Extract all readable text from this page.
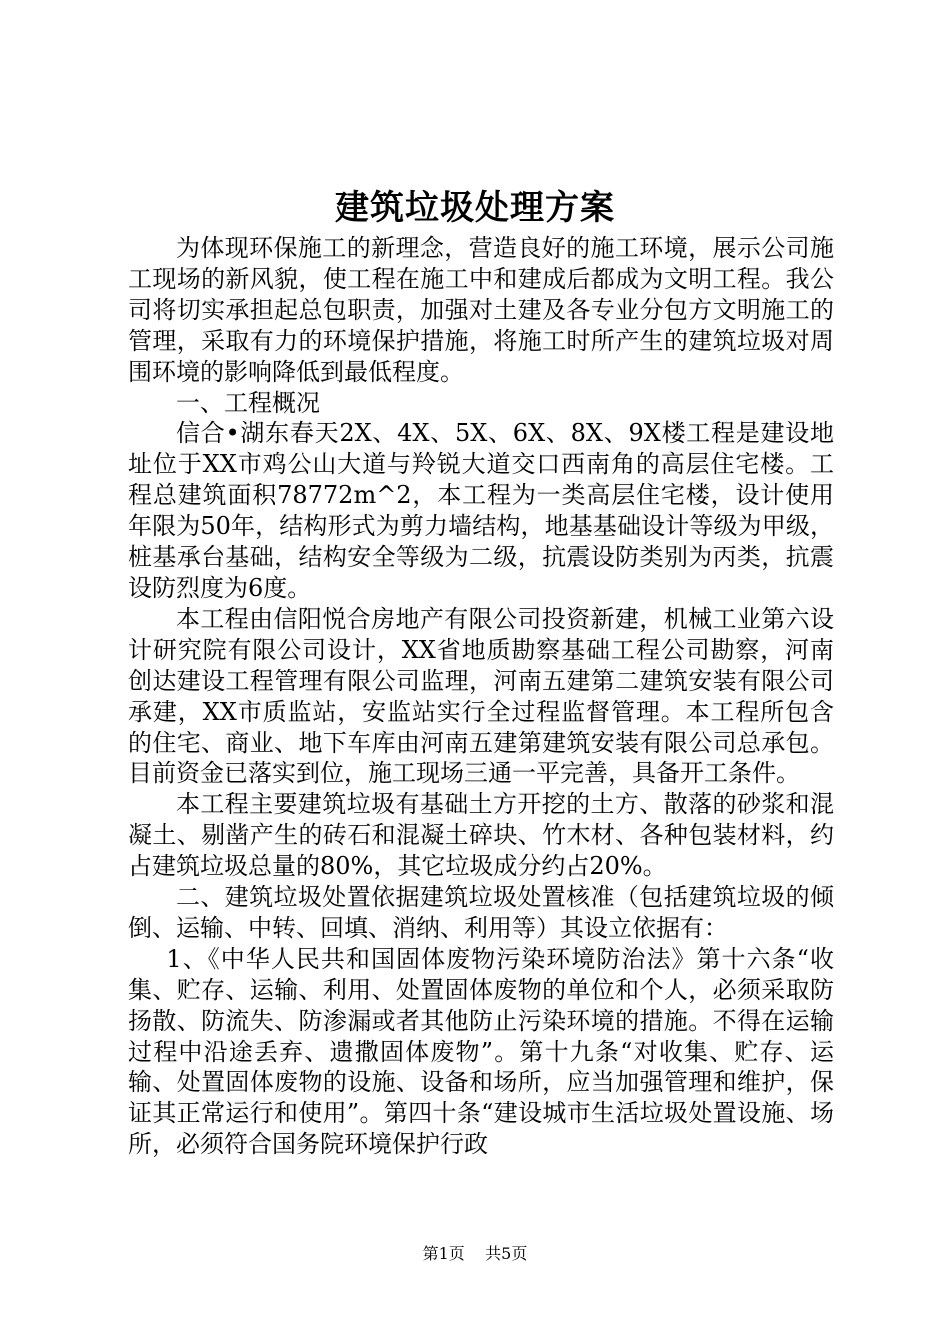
建筑垃圾处理方案

为体现环保施工的新理念，营造良好的施工环境，展示公司施工现场的新风貌，使工程在施工中和建成后都成为文明工程。我公司将切实承担起总包职责，加强对土建及各专业分包方文明施工的管理，采取有力的环境保护措施，将施工时所产生的建筑垃圾对周围环境的影响降低到最低程度。

一、工程概况

信合•湖东春天2X、4X、5X、6X、8X、9X楼工程是建设地址位于XX市鸡公山大道与羚锐大道交口西南角的高层住宅楼。工程总建筑面积78772m^2，本工程为一类高层住宅楼，设计使用年限为50年，结构形式为剪力墙结构，地基基础设计等级为甲级，桩基承台基础，结构安全等级为二级，抗震设防类别为丙类，抗震设防烈度为6度。

本工程由信阳悦合房地产有限公司投资新建，机械工业第六设计研究院有限公司设计，XX省地质勘察基础工程公司勘察，河南创达建设工程管理有限公司监理，河南五建第二建筑安装有限公司承建，XX市质监站，安监站实行全过程监督管理。本工程所包含的住宅、商业、地下车库由河南五建第建筑安装有限公司总承包。目前资金已落实到位，施工现场三通一平完善，具备开工条件。

本工程主要建筑垃圾有基础土方开挖的土方、散落的砂浆和混凝土、剔凿产生的砖石和混凝土碎块、竹木材、各种包装材料，约占建筑垃圾总量的80%，其它垃圾成分约占20%。

二、建筑垃圾处置依据建筑垃圾处置核准（包括建筑垃圾的倾倒、运输、中转、回填、消纳、利用等）其设立依据有：

1、《中华人民共和国固体废物污染环境防治法》第十六条“收集、贮存、运输、利用、处置固体废物的单位和个人，必须采取防扬散、防流失、防渗漏或者其他防止污染环境的措施。不得在运输过程中沿途丢弃、遗撒固体废物”。第十九条“对收集、贮存、运输、处置固体废物的设施、设备和场所，应当加强管理和维护，保证其正常运行和使用”。第四十条“建设城市生活垃圾处置设施、场所，必须符合国务院环境保护行政

第1页 共5页
